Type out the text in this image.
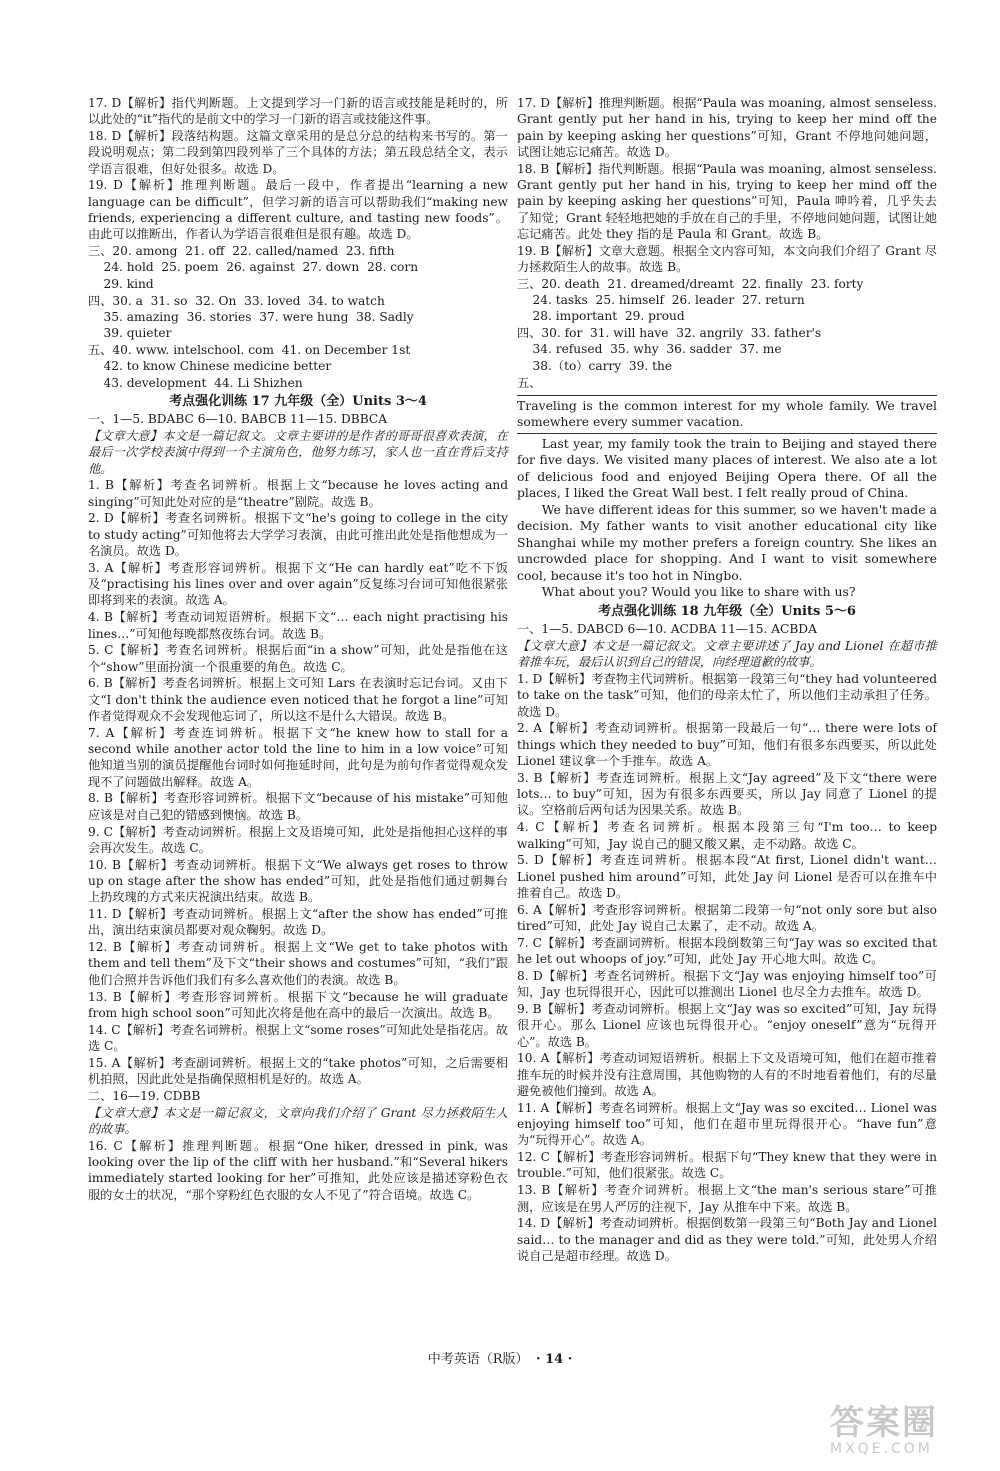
17. D【解析】指代判断题。上文提到学习一门新的语言或技能是耗时的，所以此处的“it”指代的是前文中的学习一门新的语言或技能这件事。

18. D【解析】段落结构题。这篇文章采用的是总分总的结构来书写的。第一段说明观点；第二段到第四段列举了三个具体的方法；第五段总结全文，表示学语言很难，但好处很多。故选 D。

19. D【解析】推理判断题。最后一段中，作者提出“learning a new language can be difficult”，但学习新的语言可以帮助我们“making new friends, experiencing a different culture, and tasting new foods”。由此可以推断出，作者认为学语言很难但是很有趣。故选 D。

三、20. among  21. off  22. called/named  23. fifth
24. hold  25. poem  26. against  27. down  28. corn
29. kind

四、30. a  31. so  32. On  33. loved  34. to watch
35. amazing  36. stories  37. were hung  38. Sadly
39. quieter

五、40. www. intelschool. com  41. on December 1st
42. to know Chinese medicine better
43. development  44. Li Shizhen

考点强化训练 17 九年级（全）Units 3～4

一、1—5. BDABC 6—10. BABCB 11—15. DBBCA

【文章大意】本文是一篇记叙文。文章主要讲的是作者的哥哥很喜欢表演，在最后一次学校表演中得到一个主演角色，他努力练习，家人也一直在背后支持他。

1. B【解析】考查名词辨析。根据上文“because he loves acting and singing”可知此处对应的是“theatre”剧院。故选 B。

2. D【解析】考查名词辨析。根据下文“he's going to college in the city to study acting”可知他将去大学学习表演，由此可推出此处是指他想成为一名演员。故选 D。

3. A【解析】考查形容词辨析。根据下文“He can hardly eat”吃不下饭及“practising his lines over and over again”反复练习台词可知他很紧张即将到来的表演。故选 A。

4. B【解析】考查动词短语辨析。根据下文“… each night practising his lines…”可知他每晚都熬夜练台词。故选 B。

5. C【解析】考查名词辨析。根据后面“in a show”可知，此处是指他在这个“show”里面扮演一个很重要的角色。故选 C。

6. B【解析】考查名词辨析。根据上文可知 Lars 在表演时忘记台词。又由下文“I don't think the audience even noticed that he forgot a line”可知作者觉得观众不会发现他忘词了，所以这不是什么大错误。故选 B。

7. A【解析】考查连词辨析。根据下文“he knew how to stall for a second while another actor told the line to him in a low voice”可知他知道当别的演员提醒他台词时如何拖延时间，此句是为前句作者觉得观众发现不了问题做出解释。故选 A。

8. B【解析】考查形容词辨析。根据下文“because of his mistake”可知他应该是对自己犯的错感到懊恼。故选 B。

9. C【解析】考查动词辨析。根据上文及语境可知，此处是指他担心这样的事会再次发生。故选 C。

10. B【解析】考查动词辨析。根据下文“We always get roses to throw up on stage after the show has ended”可知，此处是指他们通过朝舞台上扔玫瑰的方式来庆祝演出结束。故选 B。

11. D【解析】考查动词辨析。根据上文“after the show has ended”可推出，演出结束演员都要对观众鞠躬。故选 D。

12. B【解析】考查动词辨析。根据上文“We get to take photos with them and tell them”及下文“their shows and costumes”可知，“我们”跟他们合照并告诉他们我们有多么喜欢他们的表演。故选 B。

13. B【解析】考查形容词辨析。根据下文“because he will graduate from high school soon”可知此次将是他在高中的最后一次演出。故选 B。

14. C【解析】考查名词辨析。根据上文“some roses”可知此处是指花店。故选 C。

15. A【解析】考查副词辨析。根据上文的“take photos”可知，之后需要相机拍照，因此此处是指确保照相机是好的。故选 A。

二、16—19. CDBB

【文章大意】本文是一篇记叙文，文章向我们介绍了 Grant 尽力拯救陌生人的故事。

16. C【解析】推理判断题。根据“One hiker, dressed in pink, was looking over the lip of the cliff with her husband.”和“Several hikers immediately started looking for her”可推知，此处应该是描述穿粉色衣服的女士的状况，“那个穿粉红色衣服的女人不见了”符合语境。故选 C。

17. D【解析】推理判断题。根据“Paula was moaning, almost senseless. Grant gently put her hand in his, trying to keep her mind off the pain by keeping asking her questions”可知，Grant 不停地问她问题，试图让她忘记痛苦。故选 D。

18. B【解析】指代判断题。根据“Paula was moaning, almost senseless. Grant gently put her hand in his, trying to keep her mind off the pain by keeping asking her questions”可知，Paula 呻吟着，几乎失去了知觉；Grant 轻轻地把她的手放在自己的手里，不停地问她问题，试图让她忘记痛苦。此处 they 指的是 Paula 和 Grant。故选 B。

19. B【解析】文章大意题。根据全文内容可知，本文向我们介绍了 Grant 尽力拯救陌生人的故事。故选 B。

三、20. death  21. dreamed/dreamt  22. finally  23. forty
24. tasks  25. himself  26. leader  27. return
28. important  29. proud

四、30. for  31. will have  32. angrily  33. father's
34. refused  35. why  36. sadder  37. me
38.（to）carry  39. the

五、

Traveling is the common interest for my whole family. We travel somewhere every summer vacation.

Last year, my family took the train to Beijing and stayed there for five days. We visited many places of interest. We also ate a lot of delicious food and enjoyed Beijing Opera there. Of all the places, I liked the Great Wall best. I felt really proud of China.

We have different ideas for this summer, so we haven't made a decision. My father wants to visit another educational city like Shanghai while my mother prefers a foreign country. She likes an uncrowded place for shopping. And I want to visit somewhere cool, because it's too hot in Ningbo.

What about you? Would you like to share with us?

考点强化训练 18 九年级（全）Units 5～6

一、1—5. DABCD 6—10. ACDBA 11—15. ACBDA

【文章大意】本文是一篇记叙文。文章主要讲述了 Jay and Lionel 在超市推着推车玩，最后认识到自己的错误，向经理道歉的故事。

1. D【解析】考查物主代词辨析。根据第一段第三句“they had volunteered to take on the task”可知，他们的母亲太忙了，所以他们主动承担了任务。故选 D。

2. A【解析】考查动词辨析。根据第一段最后一句“… there were lots of things which they needed to buy”可知，他们有很多东西要买，所以此处 Lionel 建议拿一个手推车。故选 A。

3. B【解析】考查连词辨析。根据上文“Jay agreed”及下文“there were lots… to buy”可知，因为有很多东西要买，所以 Jay 同意了 Lionel 的提议。空格前后两句话为因果关系。故选 B。

4. C【解析】考查名词辨析。根据本段第三句“I'm too… to keep walking”可知，Jay 说自己的腿又酸又累，走不动路。故选 C。

5. D【解析】考查连词辨析。根据本段“At first, Lionel didn't want… Lionel pushed him around”可知，此处 Jay 问 Lionel 是否可以在推车中推着自己。故选 D。

6. A【解析】考查形容词辨析。根据第二段第一句“not only sore but also tired”可知，此处 Jay 说自己太累了，走不动。故选 A。

7. C【解析】考查副词辨析。根据本段倒数第三句“Jay was so excited that he let out whoops of joy.”可知，此处 Jay 开心地大叫。故选 C。

8. D【解析】考查名词辨析。根据下文“Jay was enjoying himself too”可知，Jay 也玩得很开心，因此可以推测出 Lionel 也尽全力去推车。故选 D。

9. B【解析】考查动词辨析。根据上文“Jay was so excited”可知，Jay 玩得很开心。那么 Lionel 应该也玩得很开心。“enjoy oneself”意为“玩得开心”。故选 B。

10. A【解析】考查动词短语辨析。根据上下文及语境可知，他们在超市推着推车玩的时候并没有注意周围，其他购物的人有的不时地看着他们，有的尽量避免被他们撞到。故选 A。

11. A【解析】考查名词辨析。根据上文“Jay was so excited… Lionel was enjoying himself too”可知，他们在超市里玩得很开心。“have fun”意为“玩得开心”。故选 A。

12. C【解析】考查形容词辨析。根据下句“They knew that they were in trouble.”可知，他们很紧张。故选 C。

13. B【解析】考查介词辨析。根据上文“the man's serious stare”可推测，应该是在男人严厉的注视下，Jay 从推车中下来。故选 B。

14. D【解析】考查动词辨析。根据倒数第一段第三句“Both Jay and Lionel said… to the manager and did as they were told.”可知，此处男人介绍说自己是超市经理。故选 D。

中考英语（R版） · 14 ·
答案圈
MXQE.COM
